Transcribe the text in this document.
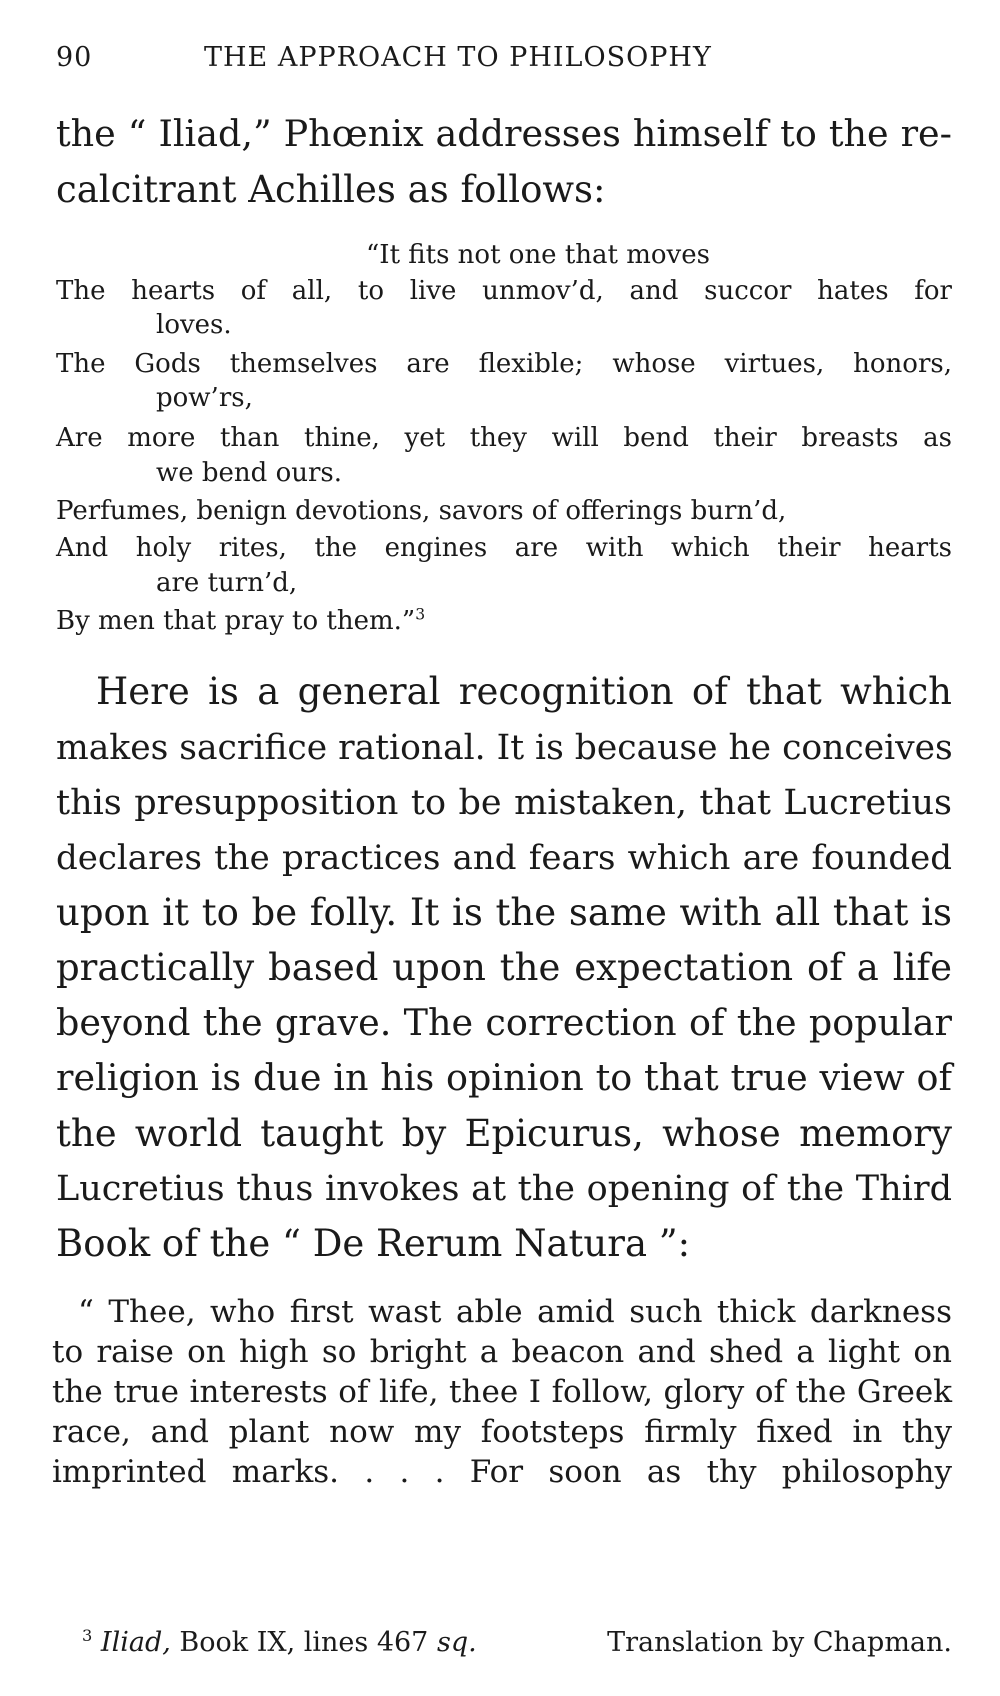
90	THE APPROACH TO PHILOSOPHY
the “ Iliad,” Phœnix addresses himself to the re-
calcitrant Achilles as follows:
“It fits not one that moves
The hearts of all, to live unmov’d, and succor hates for
loves.
The Gods themselves are flexible; whose virtues, honors,
pow’rs,
Are more than thine, yet they will bend their breasts as
we bend ours.
Perfumes, benign devotions, savors of offerings burn’d,
And holy rites, the engines are with which their hearts
are turn’d,
By men that pray to them.”$^3$
Here is a general recognition of that which
makes sacrifice rational. It is because he conceives
this presupposition to be mistaken, that Lucretius
declares the practices and fears which are founded
upon it to be folly. It is the same with all that is
practically based upon the expectation of a life
beyond the grave. The correction of the popular
religion is due in his opinion to that true view of
the world taught by Epicurus, whose memory
Lucretius thus invokes at the opening of the Third
Book of the “ De Rerum Natura ”:
“ Thee, who first wast able amid such thick darkness
to raise on high so bright a beacon and shed a light on
the true interests of life, thee I follow, glory of the Greek
race, and plant now my footsteps firmly fixed in thy
imprinted marks. . . . For soon as thy philosophy
$^3$ Iliad, Book IX, lines 467 sq.	Translation by Chapman.
